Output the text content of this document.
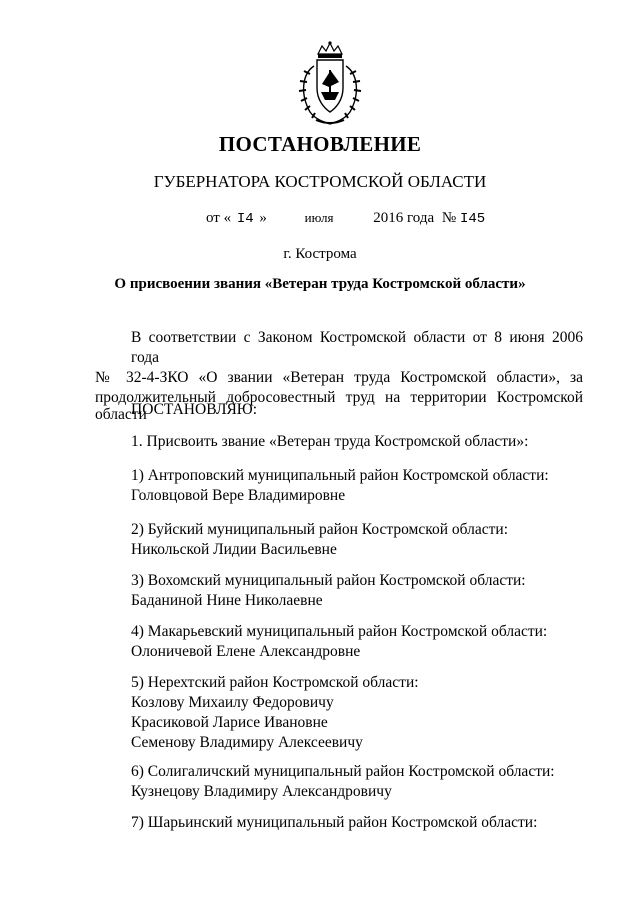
ПОСТАНОВЛЕНИЕ
ГУБЕРНАТОРА КОСТРОМСКОЙ ОБЛАСТИ
от « I4 »	июля	2016 года № I45
г. Кострома
О присвоении звания «Ветеран труда Костромской области»
В соответствии с Законом Костромской области от 8 июня 2006 года
№ 32-4-ЗКО «О звании «Ветеран труда Костромской области», за
продолжительный добросовестный труд на территории Костромской
области
ПОСТАНОВЛЯЮ:
1. Присвоить звание «Ветеран труда Костромской области»:
1) Антроповский муниципальный район Костромской области:
Головцовой Вере Владимировне
2) Буйский муниципальный район Костромской области:
Никольской Лидии Васильевне
3) Вохомский муниципальный район Костромской области:
Баданиной Нине Николаевне
4) Макарьевский муниципальный район Костромской области:
Олоничевой Елене Александровне
5) Нерехтский район Костромской области:
Козлову Михаилу Федоровичу
Красиковой Ларисе Ивановне
Семенову Владимиру Алексеевичу
6) Солигаличский муниципальный район Костромской области:
Кузнецову Владимиру Александровичу
7) Шарьинский муниципальный район Костромской области:
